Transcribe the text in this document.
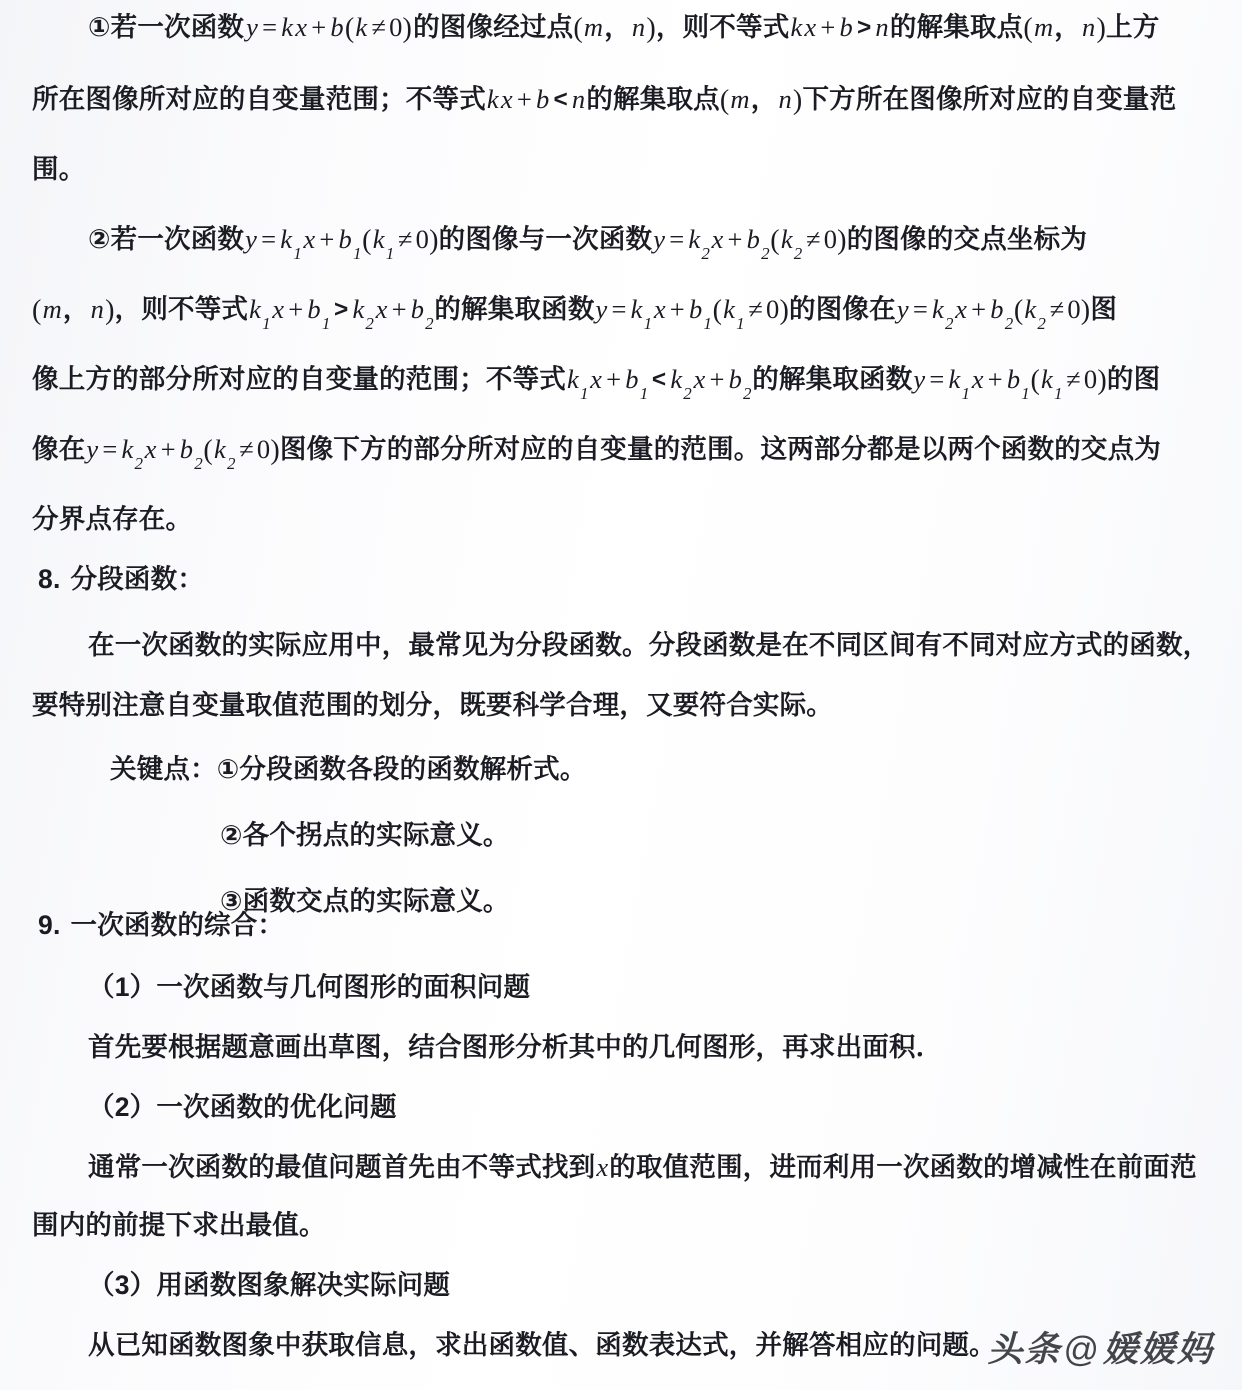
①若一次函数y = kx + b(k ≠ 0)的图像经过点(m，n)，则不等式kx + b > n的解集取点(m，n)上方
所在图像所对应的自变量范围；不等式kx + b < n的解集取点(m，n)下方所在图像所对应的自变量范
围。
②若一次函数$y = k_1x + b_1(k_1 \ne 0)$的图像与一次函数$y = k_2x + b_2(k_2 \ne 0)$的图像的交点坐标为
(m，n)，则不等式$k_1x + b_1> k_2x + b_2$的解集取函数$y = k_1x + b_1(k_1 \ne 0)$的图像在$y = k_2x + b_2(k_2 \ne 0)$图
像上方的部分所对应的自变量的范围；不等式$k_1x + b_1< k_2x + b_2$的解集取函数$y = k_1x + b_1(k_1 \ne 0)$的图
像在$y = k_2x + b_2(k_2 \ne 0)$图像下方的部分所对应的自变量的范围。这两部分都是以两个函数的交点为
分界点存在。
8. 分段函数：
在一次函数的实际应用中，最常见为分段函数。分段函数是在不同区间有不同对应方式的函数，
要特别注意自变量取值范围的划分，既要科学合理，又要符合实际。
关键点：①分段函数各段的函数解析式。
②各个拐点的实际意义。
③函数交点的实际意义。
9. 一次函数的综合：
（1）一次函数与几何图形的面积问题
首先要根据题意画出草图，结合图形分析其中的几何图形，再求出面积．
（2）一次函数的优化问题
通常一次函数的最值问题首先由不等式找到x的取值范围，进而利用一次函数的增减性在前面范
围内的前提下求出最值。
（3）用函数图象解决实际问题
从已知函数图象中获取信息，求出函数值、函数表达式，并解答相应的问题。
头条@媛媛妈
